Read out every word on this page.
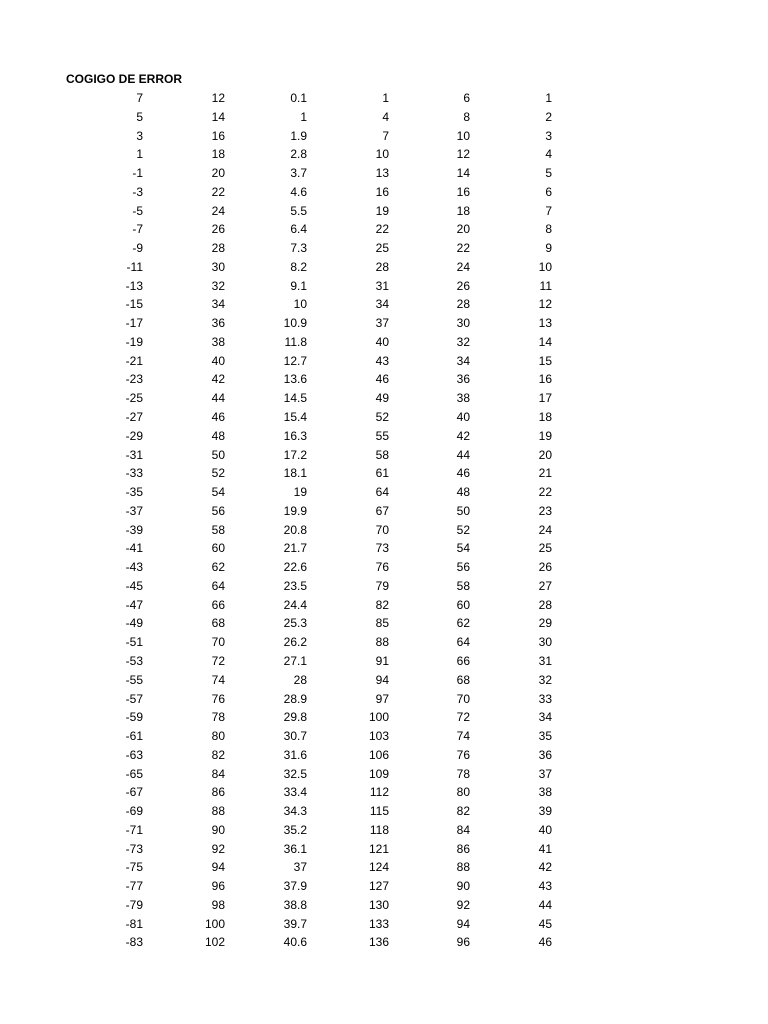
COGIGO DE ERROR
7	12	0.1	1	6	1
5	14	1	4	8	2
3	16	1.9	7	10	3
1	18	2.8	10	12	4
-1	20	3.7	13	14	5
-3	22	4.6	16	16	6
-5	24	5.5	19	18	7
-7	26	6.4	22	20	8
-9	28	7.3	25	22	9
-11	30	8.2	28	24	10
-13	32	9.1	31	26	11
-15	34	10	34	28	12
-17	36	10.9	37	30	13
-19	38	11.8	40	32	14
-21	40	12.7	43	34	15
-23	42	13.6	46	36	16
-25	44	14.5	49	38	17
-27	46	15.4	52	40	18
-29	48	16.3	55	42	19
-31	50	17.2	58	44	20
-33	52	18.1	61	46	21
-35	54	19	64	48	22
-37	56	19.9	67	50	23
-39	58	20.8	70	52	24
-41	60	21.7	73	54	25
-43	62	22.6	76	56	26
-45	64	23.5	79	58	27
-47	66	24.4	82	60	28
-49	68	25.3	85	62	29
-51	70	26.2	88	64	30
-53	72	27.1	91	66	31
-55	74	28	94	68	32
-57	76	28.9	97	70	33
-59	78	29.8	100	72	34
-61	80	30.7	103	74	35
-63	82	31.6	106	76	36
-65	84	32.5	109	78	37
-67	86	33.4	112	80	38
-69	88	34.3	115	82	39
-71	90	35.2	118	84	40
-73	92	36.1	121	86	41
-75	94	37	124	88	42
-77	96	37.9	127	90	43
-79	98	38.8	130	92	44
-81	100	39.7	133	94	45
-83	102	40.6	136	96	46
